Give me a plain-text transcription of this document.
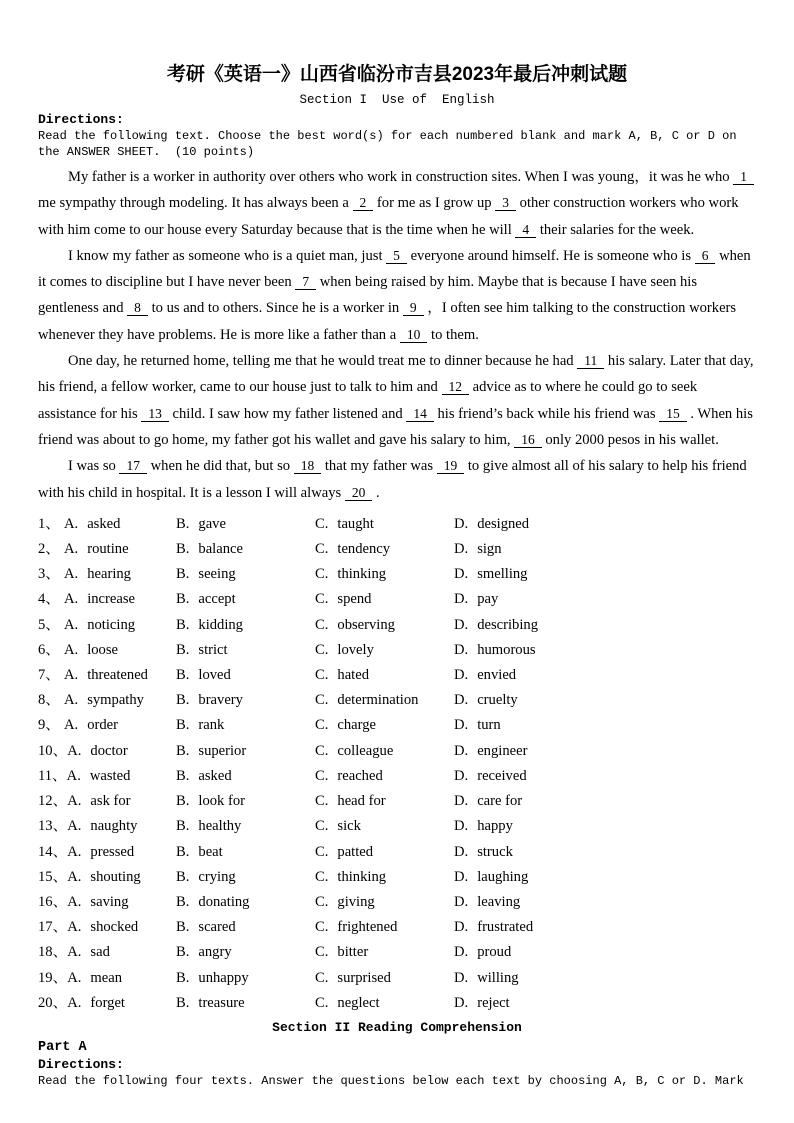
考研《英语一》山西省临汾市吉县2023年最后冲刺试题
Section I  Use of  English
Directions:
Read the following text. Choose the best word(s) for each numbered blank and mark A, B, C or D on the ANSWER SHEET.  (10 points)

My father is a worker in authority over others who work in construction sites. When I was young，it was he who 1 me sympathy through modeling. It has always been a 2 for me as I grow up 3 other construction workers who work with him come to our house every Saturday because that is the time when he will 4 their salaries for the week.

I know my father as someone who is a quiet man, just 5 everyone around himself. He is someone who is 6 when it comes to discipline but I have never been 7 when being raised by him. Maybe that is because I have seen his gentleness and 8 to us and to others. Since he is a worker in 9 ，I often see him talking to the construction workers whenever they have problems. He is more like a father than a 10 to them.

One day, he returned home, telling me that he would treat me to dinner because he had 11 his salary. Later that day, his friend, a fellow worker, came to our house just to talk to him and 12 advice as to where he could go to seek assistance for his 13 child. I saw how my father listened and 14 his friend’s back while his friend was 15 . When his friend was about to go home, my father got his wallet and gave his salary to him, 16 only 2000 pesos in his wallet.

I was so 17 when he did that, but so 18 that my father was 19 to give almost all of his salary to help his friend with his child in hospital. It is a lesson I will always 20 .

1、 A. asked	B. gave	C. taught	D. designed
2、 A. routine	B. balance	C. tendency	D. sign
3、 A. hearing	B. seeing	C. thinking	D. smelling
4、 A. increase	B. accept	C. spend	D. pay
5、 A. noticing	B. kidding	C. observing	D. describing
6、 A. loose	B. strict	C. lovely	D. humorous
7、 A. threatened	B. loved	C. hated	D. envied
8、 A. sympathy	B. bravery	C. determination	D. cruelty
9、 A. order	B. rank	C. charge	D. turn
10、A. doctor	B. superior	C. colleague	D. engineer
11、A. wasted	B. asked	C. reached	D. received
12、A. ask for	B. look for	C. head for	D. care for
13、A. naughty	B. healthy	C. sick	D. happy
14、A. pressed	B. beat	C. patted	D. struck
15、A. shouting	B. crying	C. thinking	D. laughing
16、A. saving	B. donating	C. giving	D. leaving
17、A. shocked	B. scared	C. frightened	D. frustrated
18、A. sad	B. angry	C. bitter	D. proud
19、A. mean	B. unhappy	C. surprised	D. willing
20、A. forget	B. treasure	C. neglect	D. reject
Section II Reading Comprehension
Part A
Directions:
Read the following four texts. Answer the questions below each text by choosing A, B, C or D. Mark
